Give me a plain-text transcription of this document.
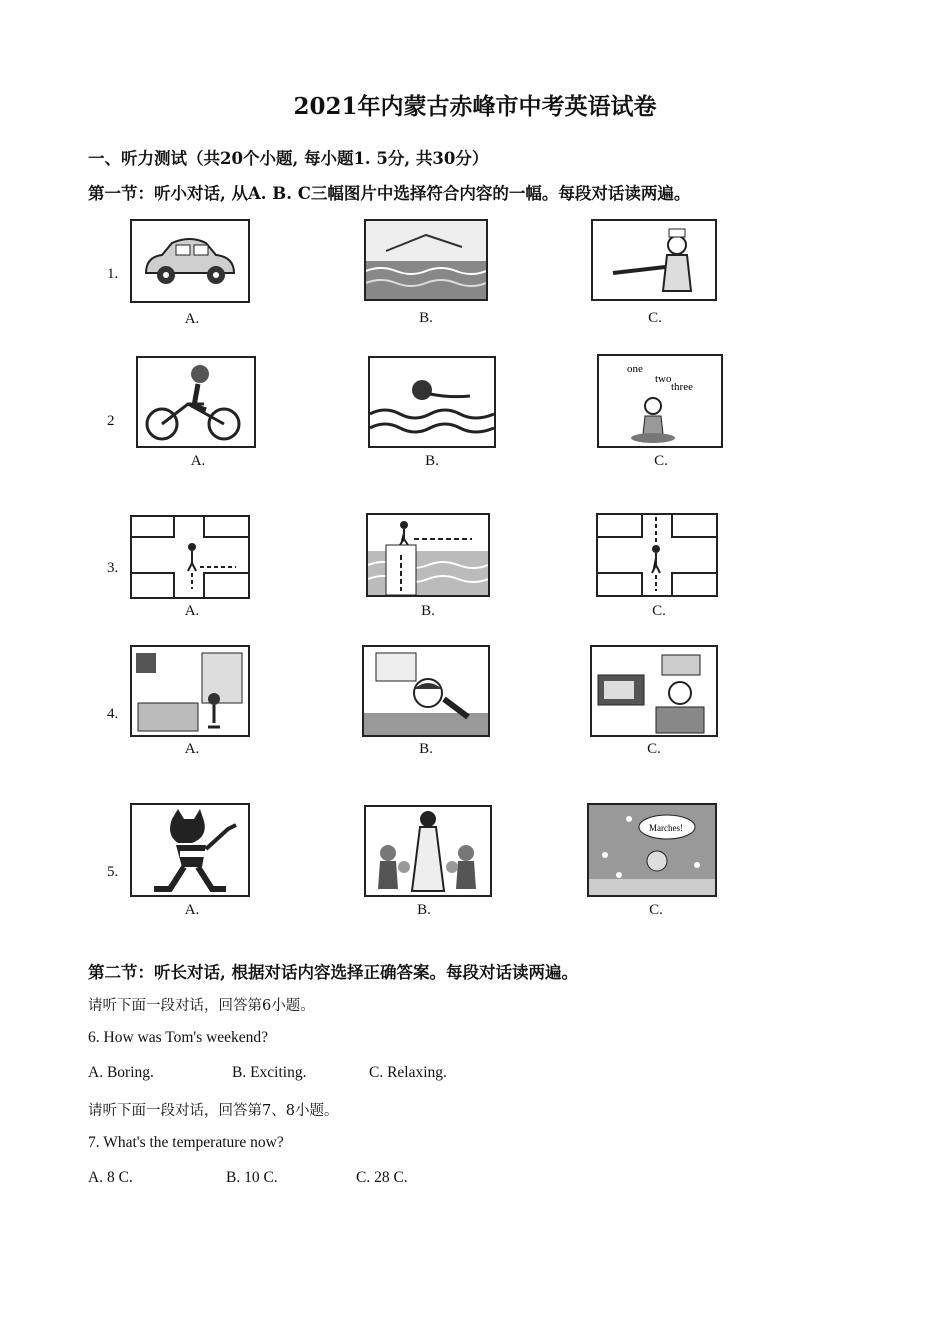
2021年内蒙古赤峰市中考英语试卷
一、听力测试（共20个小题, 每小题1. 5分, 共30分）
第一节：听小对话, 从A. B. C三幅图片中选择符合内容的一幅。每段对话读两遍。
1.
A.	B.	C.
2
A.	B.
one
two
three
C.
3.
A.	B.	C.
4.
A.	B.	C.
5.
A.	B.
Marches!
C.
第二节：听长对话, 根据对话内容选择正确答案。每段对话读两遍。
请听下面一段对话，回答第6小题。
6. How was Tom's weekend?
A. Boring.	B. Exciting.	C. Relaxing.
请听下面一段对话，回答第7、8小题。
7. What's the temperature now?
A. 8 C.	B. 10 C.	C. 28 C.
